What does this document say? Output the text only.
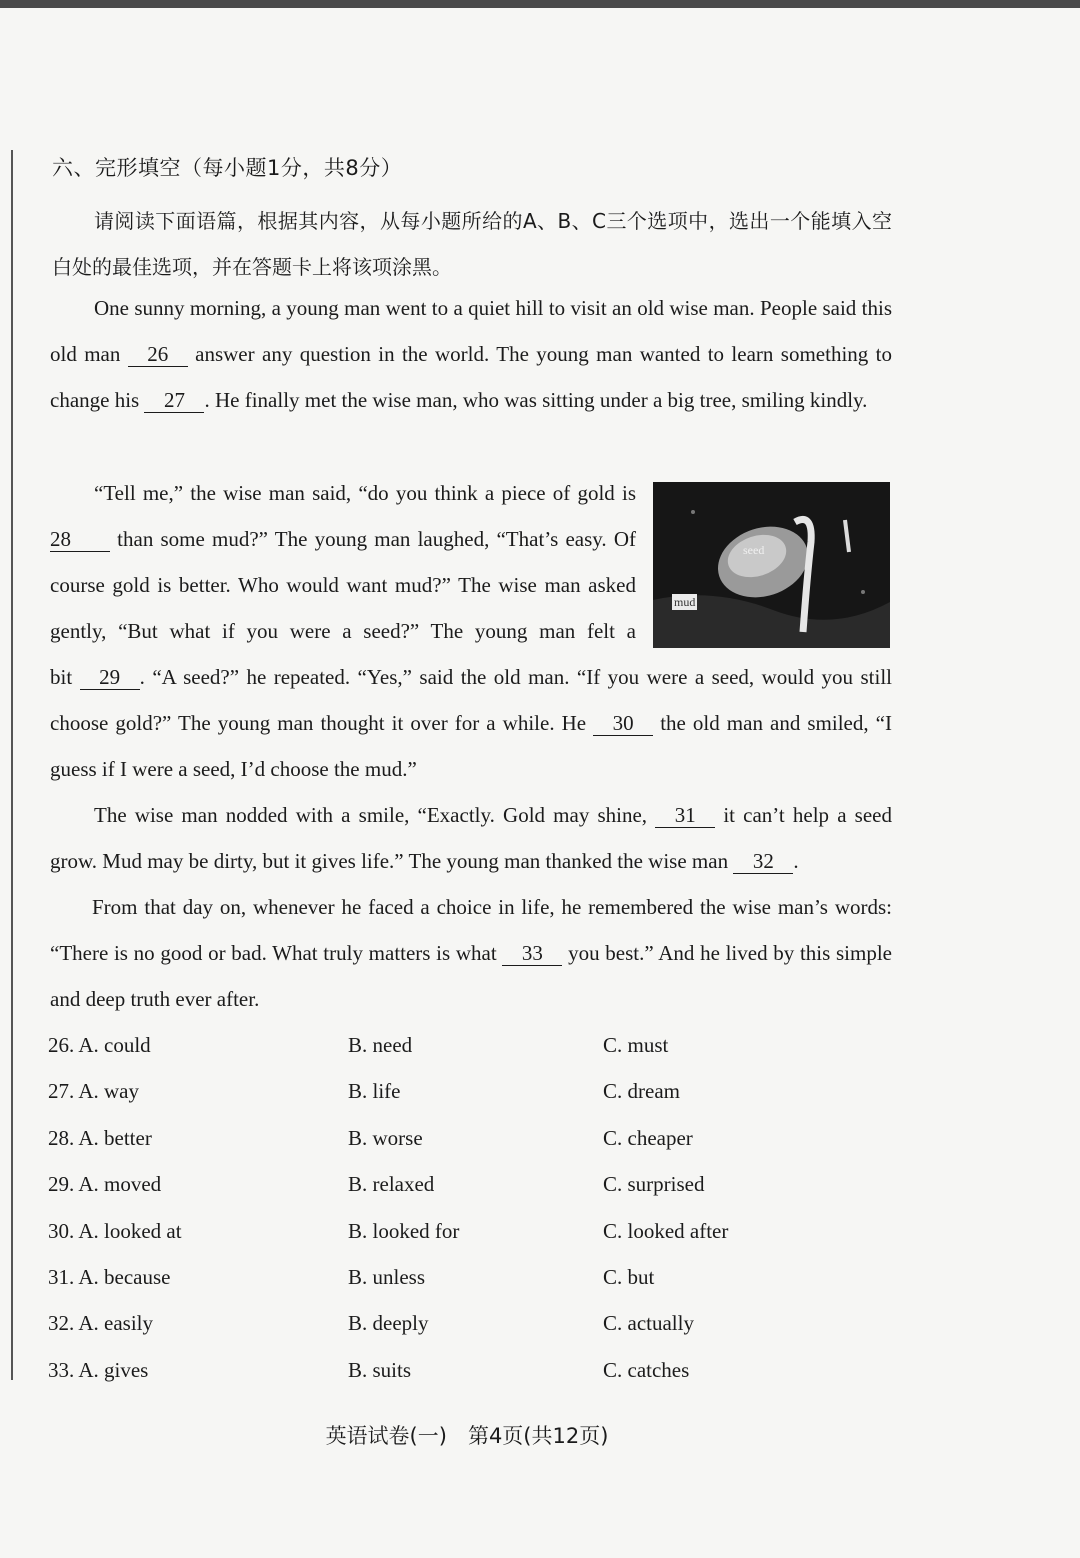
六、完形填空（每小题1分，共8分）
请阅读下面语篇，根据其内容，从每小题所给的A、B、C三个选项中，选出一个能填入空白处的最佳选项，并在答题卡上将该项涂黑。
One sunny morning, a young man went to a quiet hill to visit an old wise man. People said this old man 26 answer any question in the world. The young man wanted to learn something to change his 27 . He finally met the wise man, who was sitting under a big tree, smiling kindly.
“Tell me,” the wise man said, “do you think a piece of gold is 28 than some mud?” The young man laughed, “That’s easy. Of course gold is better. Who would want mud?” The wise man asked gently, “But what if you were a seed?” The young man felt a
seed
mud
bit 29 . “A seed?” he repeated. “Yes,” said the old man. “If you were a seed, would you still choose gold?” The young man thought it over for a while. He 30 the old man and smiled, “I guess if I were a seed, I’d choose the mud.”
The wise man nodded with a smile, “Exactly. Gold may shine, 31 it can’t help a seed grow. Mud may be dirty, but it gives life.” The young man thanked the wise man 32 .
From that day on, whenever he faced a choice in life, he remembered the wise man’s words: “There is no good or bad. What truly matters is what 33 you best.” And he lived by this simple and deep truth ever after.
26. A. could	B. need	C. must
27. A. way	B. life	C. dream
28. A. better	B. worse	C. cheaper
29. A. moved	B. relaxed	C. surprised
30. A. looked at	B. looked for	C. looked after
31. A. because	B. unless	C. but
32. A. easily	B. deeply	C. actually
33. A. gives	B. suits	C. catches
英语试卷(一)　第4页(共12页)
